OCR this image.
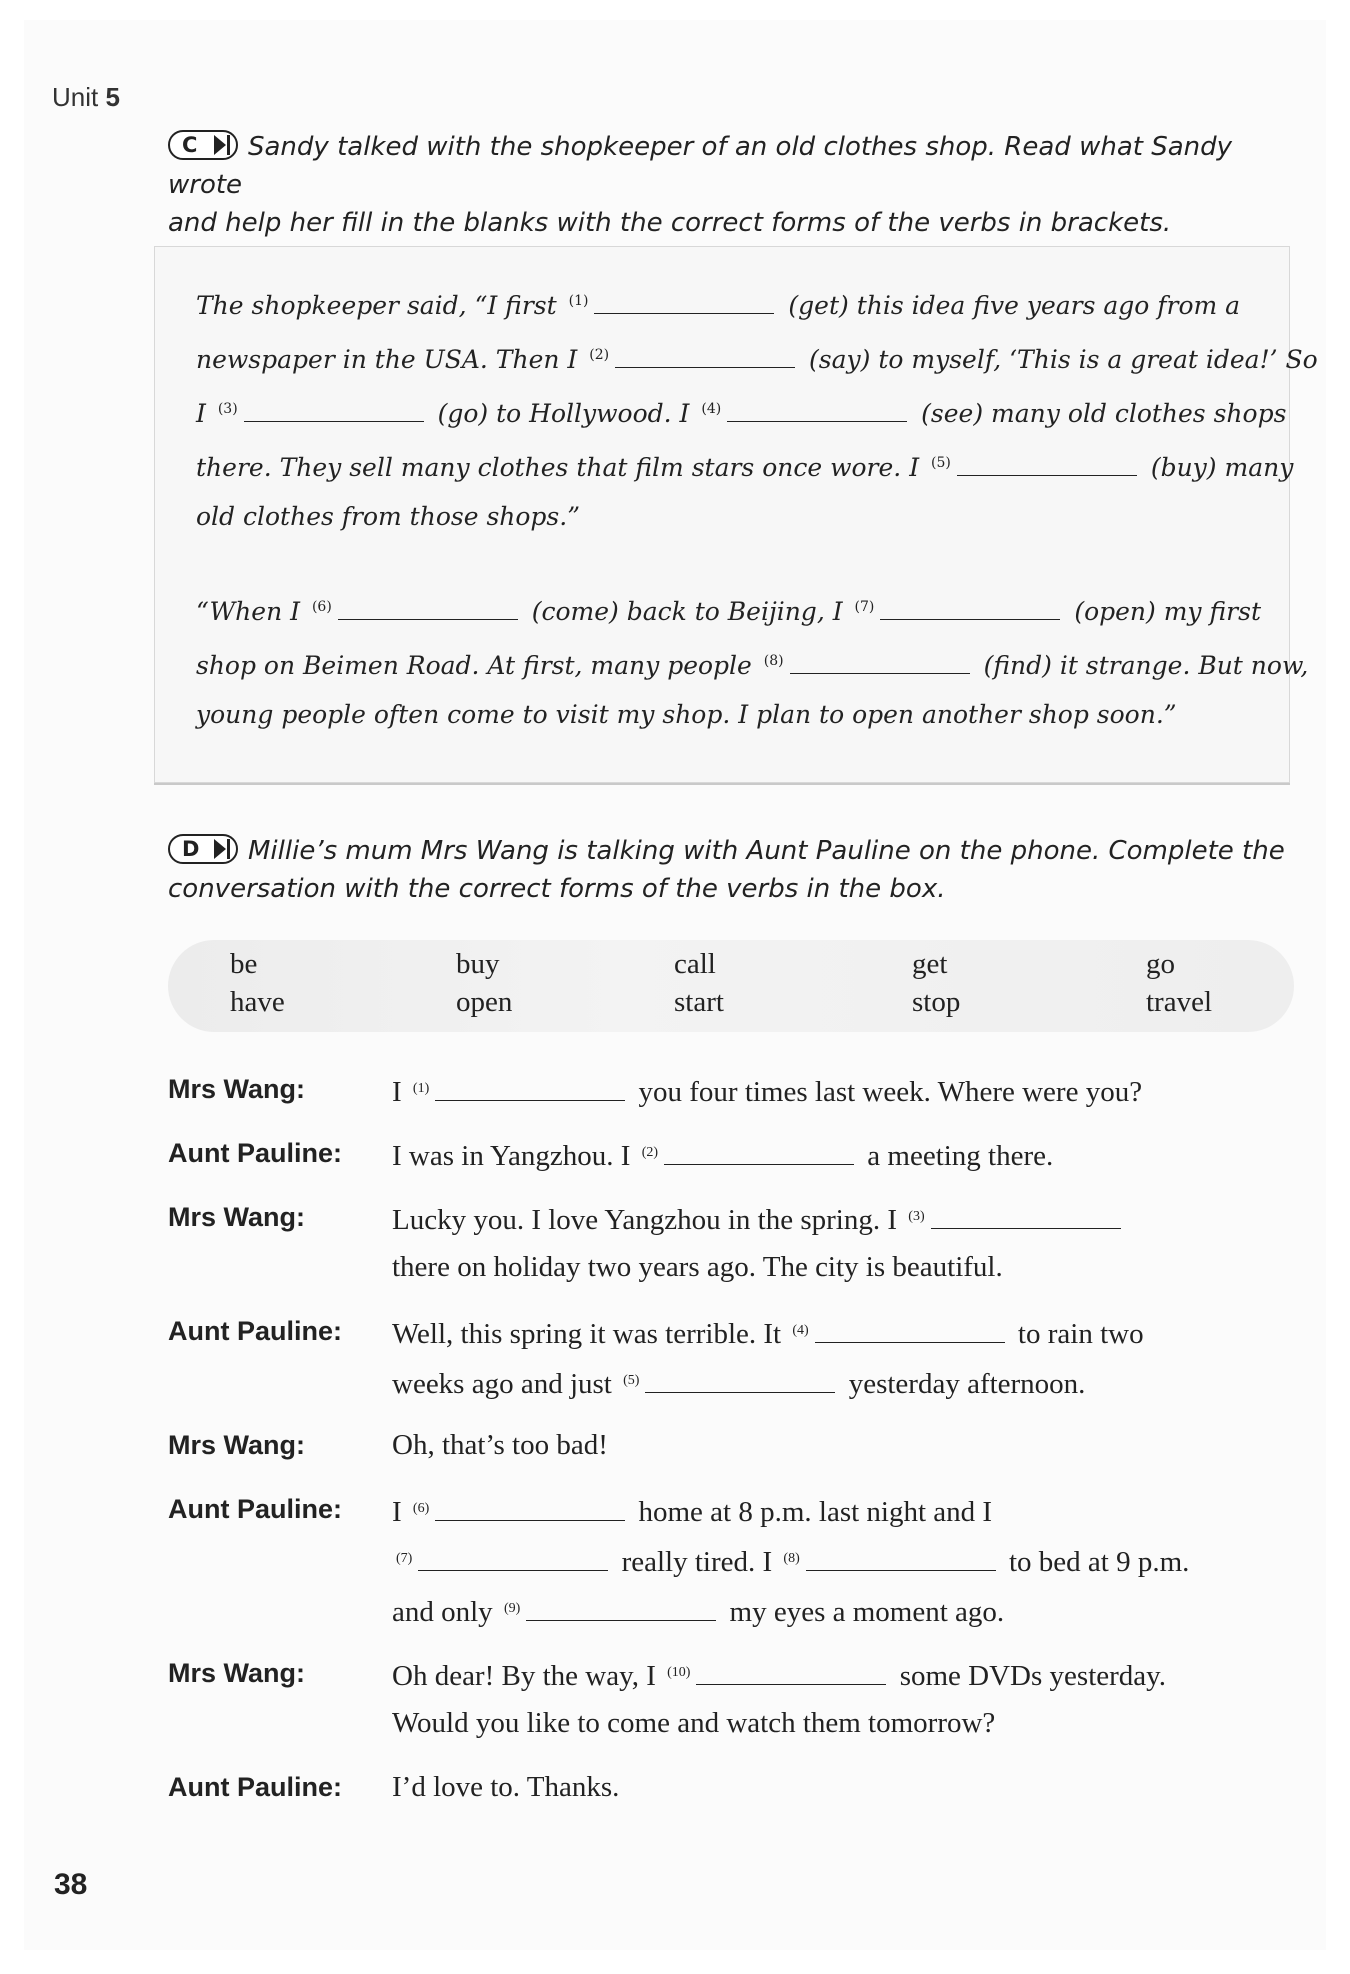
Unit 5
C	Sandy talked with the shopkeeper of an old clothes shop. Read what Sandy wrote
and help her fill in the blanks with the correct forms of the verbs in brackets.
The shopkeeper said, “I first $^{(1)}$	(get) this idea five years ago from a
newspaper in the USA. Then I $^{(2)}$	(say) to myself, ‘This is a great idea!’ So
I $^{(3)}$	(go) to Hollywood. I $^{(4)}$	(see) many old clothes shops
there. They sell many clothes that film stars once wore. I $^{(5)}$	(buy) many
old clothes from those shops.”
“When I $^{(6)}$	(come) back to Beijing, I $^{(7)}$	(open) my first
shop on Beimen Road. At first, many people $^{(8)}$	(find) it strange. But now,
young people often come to visit my shop. I plan to open another shop soon.”
D	Millie’s mum Mrs Wang is talking with Aunt Pauline on the phone. Complete the
conversation with the correct forms of the verbs in the box.
be	buy	call	get	go
have	open	start	stop	travel
Mrs Wang:	I $^{(1)}$	you four times last week. Where were you?
Aunt Pauline:	I was in Yangzhou. I $^{(2)}$	a meeting there.
Mrs Wang:	Lucky you. I love Yangzhou in the spring. I $^{(3)}$
there on holiday two years ago. The city is beautiful.
Aunt Pauline:	Well, this spring it was terrible. It $^{(4)}$	to rain two
weeks ago and just $^{(5)}$	yesterday afternoon.
Mrs Wang:	Oh, that’s too bad!
Aunt Pauline:	I $^{(6)}$	home at 8 p.m. last night and I
$^{(7)}$	really tired. I $^{(8)}$	to bed at 9 p.m.
and only $^{(9)}$	my eyes a moment ago.
Mrs Wang:	Oh dear! By the way, I $^{(10)}$	some DVDs yesterday.
Would you like to come and watch them tomorrow?
Aunt Pauline:	I’d love to. Thanks.
38
